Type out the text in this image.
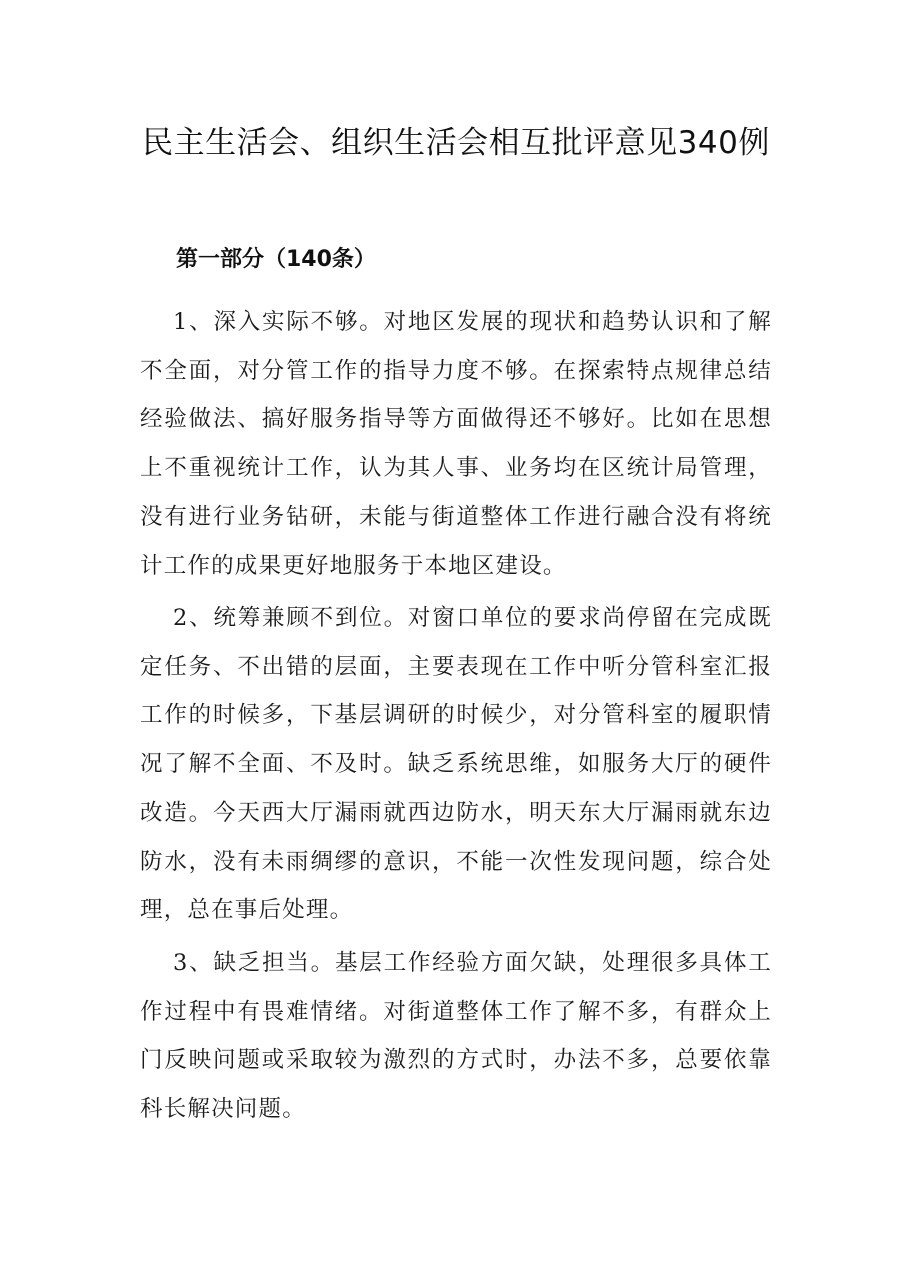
民主生活会、组织生活会相互批评意见340例
第一部分（140条）

1、深入实际不够。对地区发展的现状和趋势认识和了解不全面，对分管工作的指导力度不够。在探索特点规律总结经验做法、搞好服务指导等方面做得还不够好。比如在思想上不重视统计工作，认为其人事、业务均在区统计局管理，没有进行业务钻研，未能与街道整体工作进行融合没有将统计工作的成果更好地服务于本地区建设。

2、统筹兼顾不到位。对窗口单位的要求尚停留在完成既定任务、不出错的层面，主要表现在工作中听分管科室汇报工作的时候多，下基层调研的时候少，对分管科室的履职情况了解不全面、不及时。缺乏系统思维，如服务大厅的硬件改造。今天西大厅漏雨就西边防水，明天东大厅漏雨就东边防水，没有未雨绸缪的意识，不能一次性发现问题，综合处理，总在事后处理。

3、缺乏担当。基层工作经验方面欠缺，处理很多具体工作过程中有畏难情绪。对街道整体工作了解不多，有群众上门反映问题或采取较为激烈的方式时，办法不多，总要依靠科长解决问题。
